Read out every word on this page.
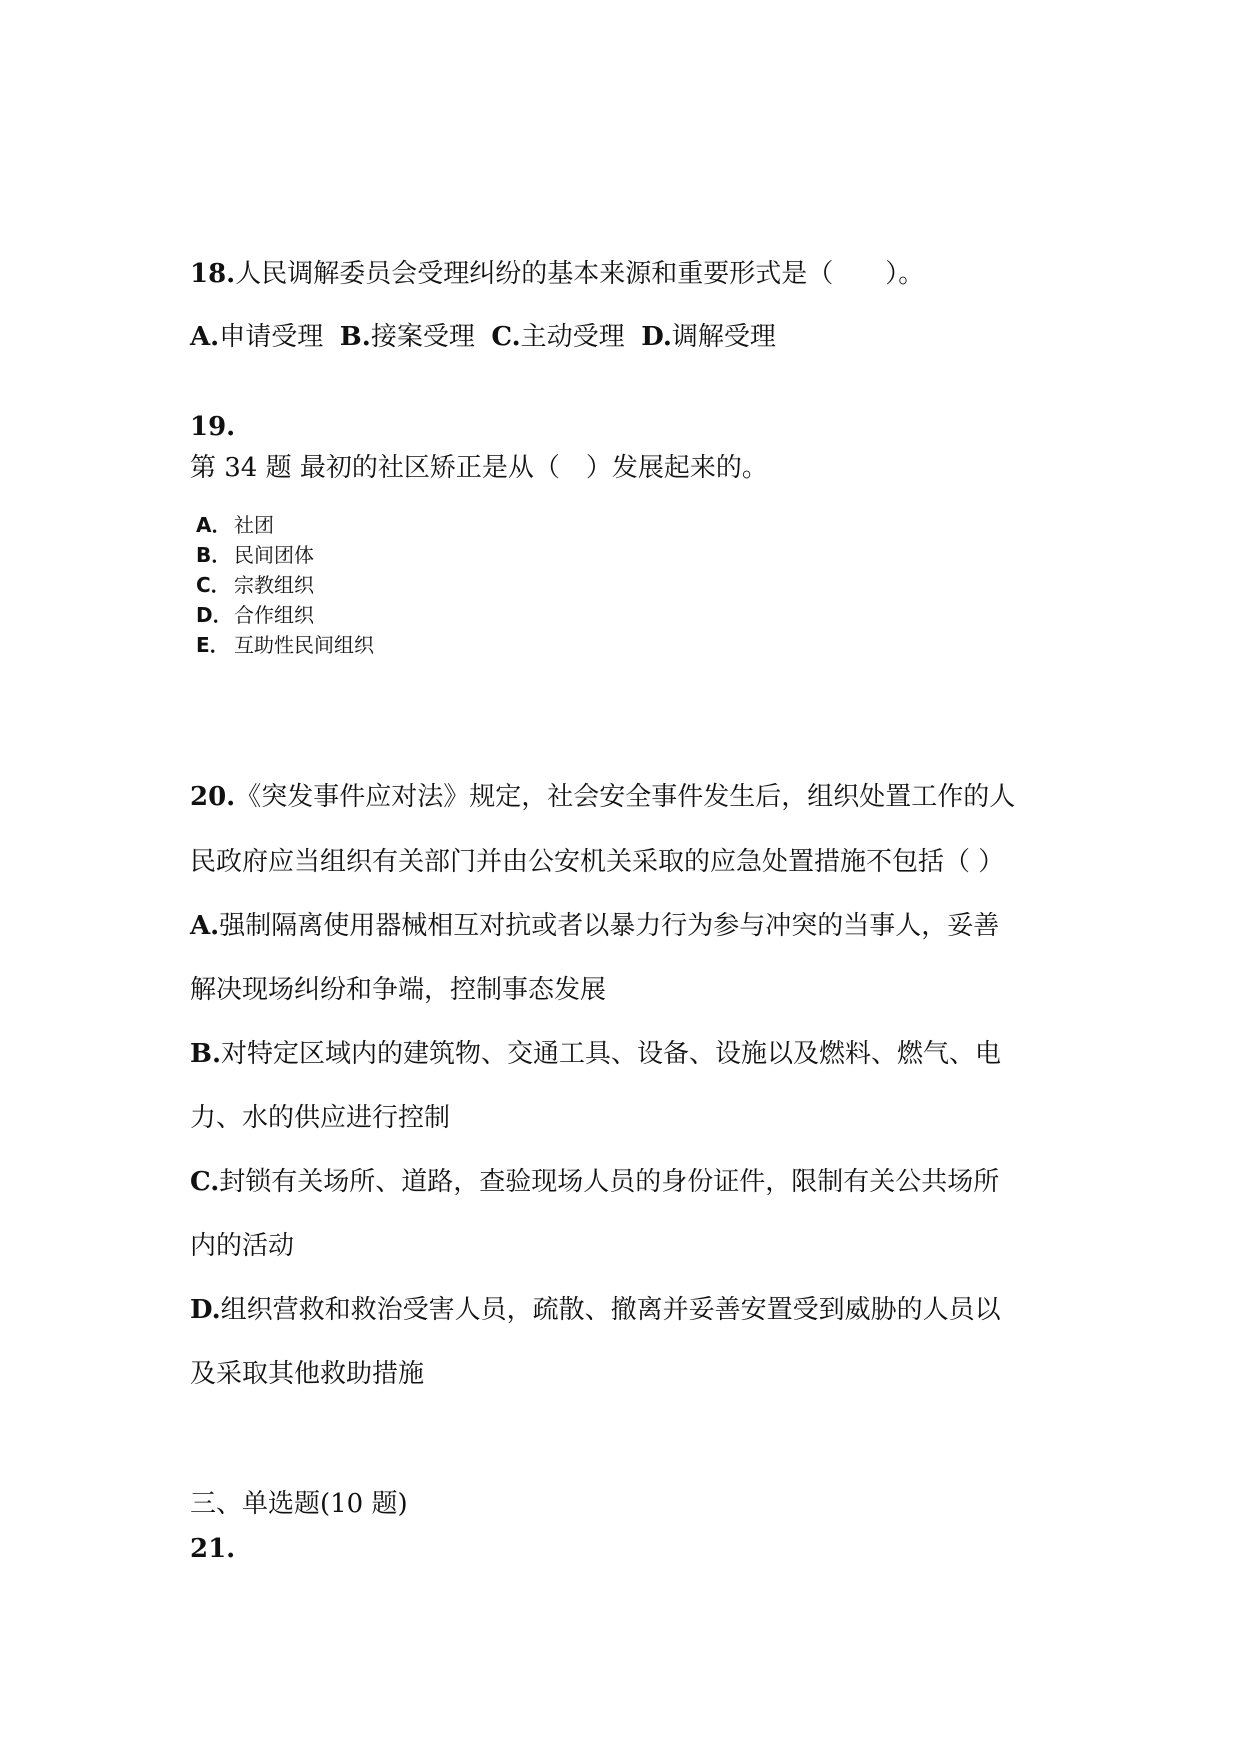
18.人民调解委员会受理纠纷的基本来源和重要形式是（　　）。
A.申请受理 B.接案受理 C.主动受理 D.调解受理
19.
第 34 题 最初的社区矫正是从（　）发展起来的。
A． 社团
B． 民间团体
C． 宗教组织
D．合作组织
E． 互助性民间组织
20.《突发事件应对法》规定，社会安全事件发生后，组织处置工作的人
民政府应当组织有关部门并由公安机关采取的应急处置措施不包括（ ）
A.强制隔离使用器械相互对抗或者以暴力行为参与冲突的当事人，妥善
解决现场纠纷和争端，控制事态发展
B.对特定区域内的建筑物、交通工具、设备、设施以及燃料、燃气、电
力、水的供应进行控制
C.封锁有关场所、道路，查验现场人员的身份证件，限制有关公共场所
内的活动
D.组织营救和救治受害人员，疏散、撤离并妥善安置受到威胁的人员以
及采取其他救助措施
三、单选题(10 题)
21.
